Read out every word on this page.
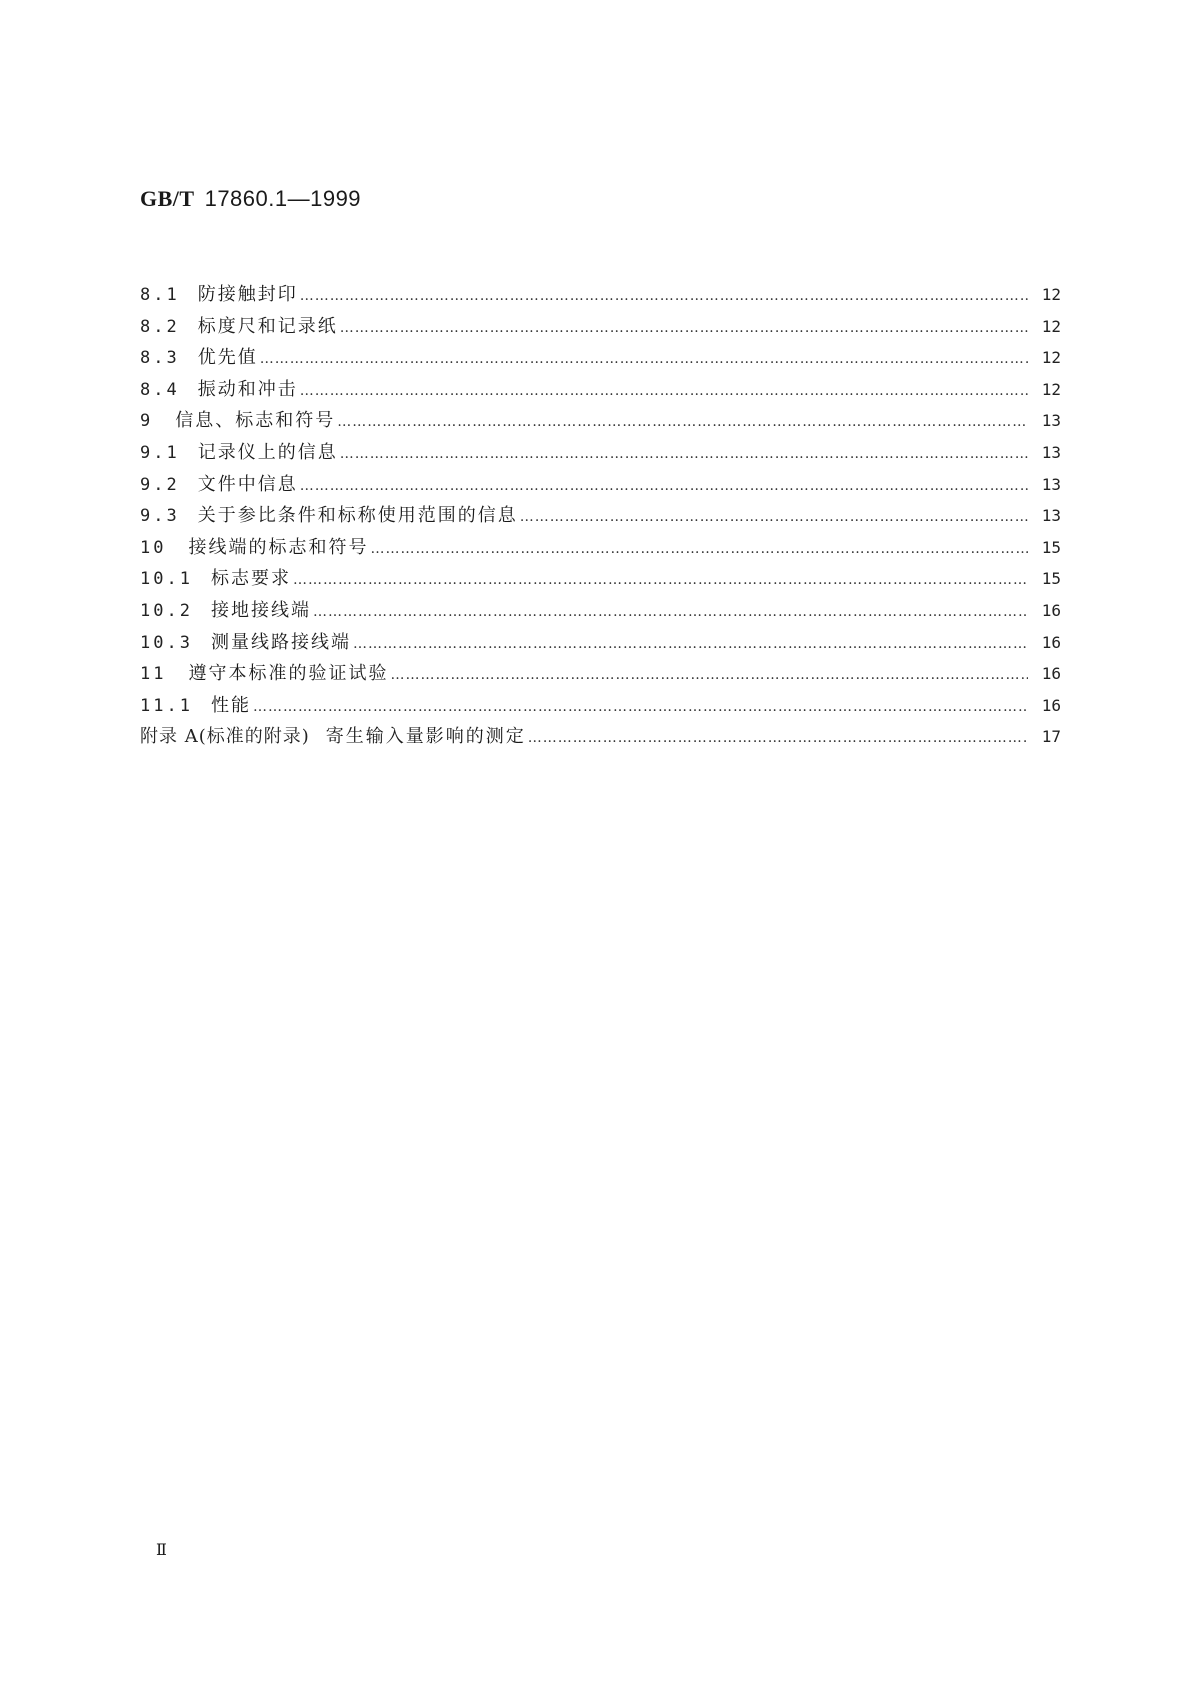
GB/T 17860.1—1999
8.1 防接触封印 ……………………………………………………………………………………………………………………………………………………………………………………………………………………………………	12
8.2 标度尺和记录纸 ……………………………………………………………………………………………………………………………………………………………………………………………………………………………………	12
8.3 优先值 ……………………………………………………………………………………………………………………………………………………………………………………………………………………………………	12
8.4 振动和冲击 ……………………………………………………………………………………………………………………………………………………………………………………………………………………………………	12
9 信息、标志和符号 ……………………………………………………………………………………………………………………………………………………………………………………………………………………………………	13
9.1 记录仪上的信息 ……………………………………………………………………………………………………………………………………………………………………………………………………………………………………	13
9.2 文件中信息 ……………………………………………………………………………………………………………………………………………………………………………………………………………………………………	13
9.3 关于参比条件和标称使用范围的信息 ……………………………………………………………………………………………………………………………………………………………………………………………………………………………………	13
10 接线端的标志和符号 ……………………………………………………………………………………………………………………………………………………………………………………………………………………………………	15
10.1 标志要求 ……………………………………………………………………………………………………………………………………………………………………………………………………………………………………	15
10.2 接地接线端 ……………………………………………………………………………………………………………………………………………………………………………………………………………………………………	16
10.3 测量线路接线端 ……………………………………………………………………………………………………………………………………………………………………………………………………………………………………	16
11 遵守本标准的验证试验 ……………………………………………………………………………………………………………………………………………………………………………………………………………………………………	16
11.1 性能 ……………………………………………………………………………………………………………………………………………………………………………………………………………………………………	16
附录 A(标准的附录) 寄生输入量影响的测定 ……………………………………………………………………………………………………………………………………………………………………………………………………………………………………	17
Ⅱ
